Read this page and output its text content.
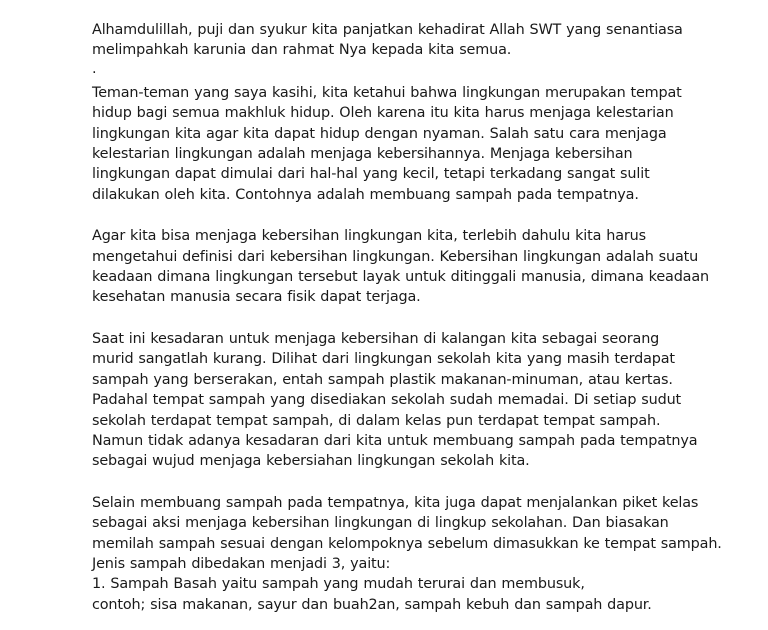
Alhamdulillah, puji dan syukur kita panjatkan kehadirat Allah SWT yang senantiasa
melimpahkah karunia dan rahmat Nya kepada kita semua.
.
Teman-teman yang saya kasihi, kita ketahui bahwa lingkungan merupakan tempat
hidup bagi semua makhluk hidup. Oleh karena itu kita harus menjaga kelestarian
lingkungan kita agar kita dapat hidup dengan nyaman. Salah satu cara menjaga
kelestarian lingkungan adalah menjaga kebersihannya. Menjaga kebersihan
lingkungan dapat dimulai dari hal-hal yang kecil, tetapi terkadang sangat sulit
dilakukan oleh kita. Contohnya adalah membuang sampah pada tempatnya.
Agar kita bisa menjaga kebersihan lingkungan kita, terlebih dahulu kita harus
mengetahui definisi dari kebersihan lingkungan. Kebersihan lingkungan adalah suatu
keadaan dimana lingkungan tersebut layak untuk ditinggali manusia, dimana keadaan
kesehatan manusia secara fisik dapat terjaga.
Saat ini kesadaran untuk menjaga kebersihan di kalangan kita sebagai seorang
murid sangatlah kurang. Dilihat dari lingkungan sekolah kita yang masih terdapat
sampah yang berserakan, entah sampah plastik makanan-minuman, atau kertas.
Padahal tempat sampah yang disediakan sekolah sudah memadai. Di setiap sudut
sekolah terdapat tempat sampah, di dalam kelas pun terdapat tempat sampah.
Namun tidak adanya kesadaran dari kita untuk membuang sampah pada tempatnya
sebagai wujud menjaga kebersiahan lingkungan sekolah kita.
Selain membuang sampah pada tempatnya, kita juga dapat menjalankan piket kelas
sebagai aksi menjaga kebersihan lingkungan di lingkup sekolahan. Dan biasakan
memilah sampah sesuai dengan kelompoknya sebelum dimasukkan ke tempat sampah.
Jenis sampah dibedakan menjadi 3, yaitu:
1. Sampah Basah yaitu sampah yang mudah terurai dan membusuk,
contoh; sisa makanan, sayur dan buah2an, sampah kebuh dan sampah dapur.
